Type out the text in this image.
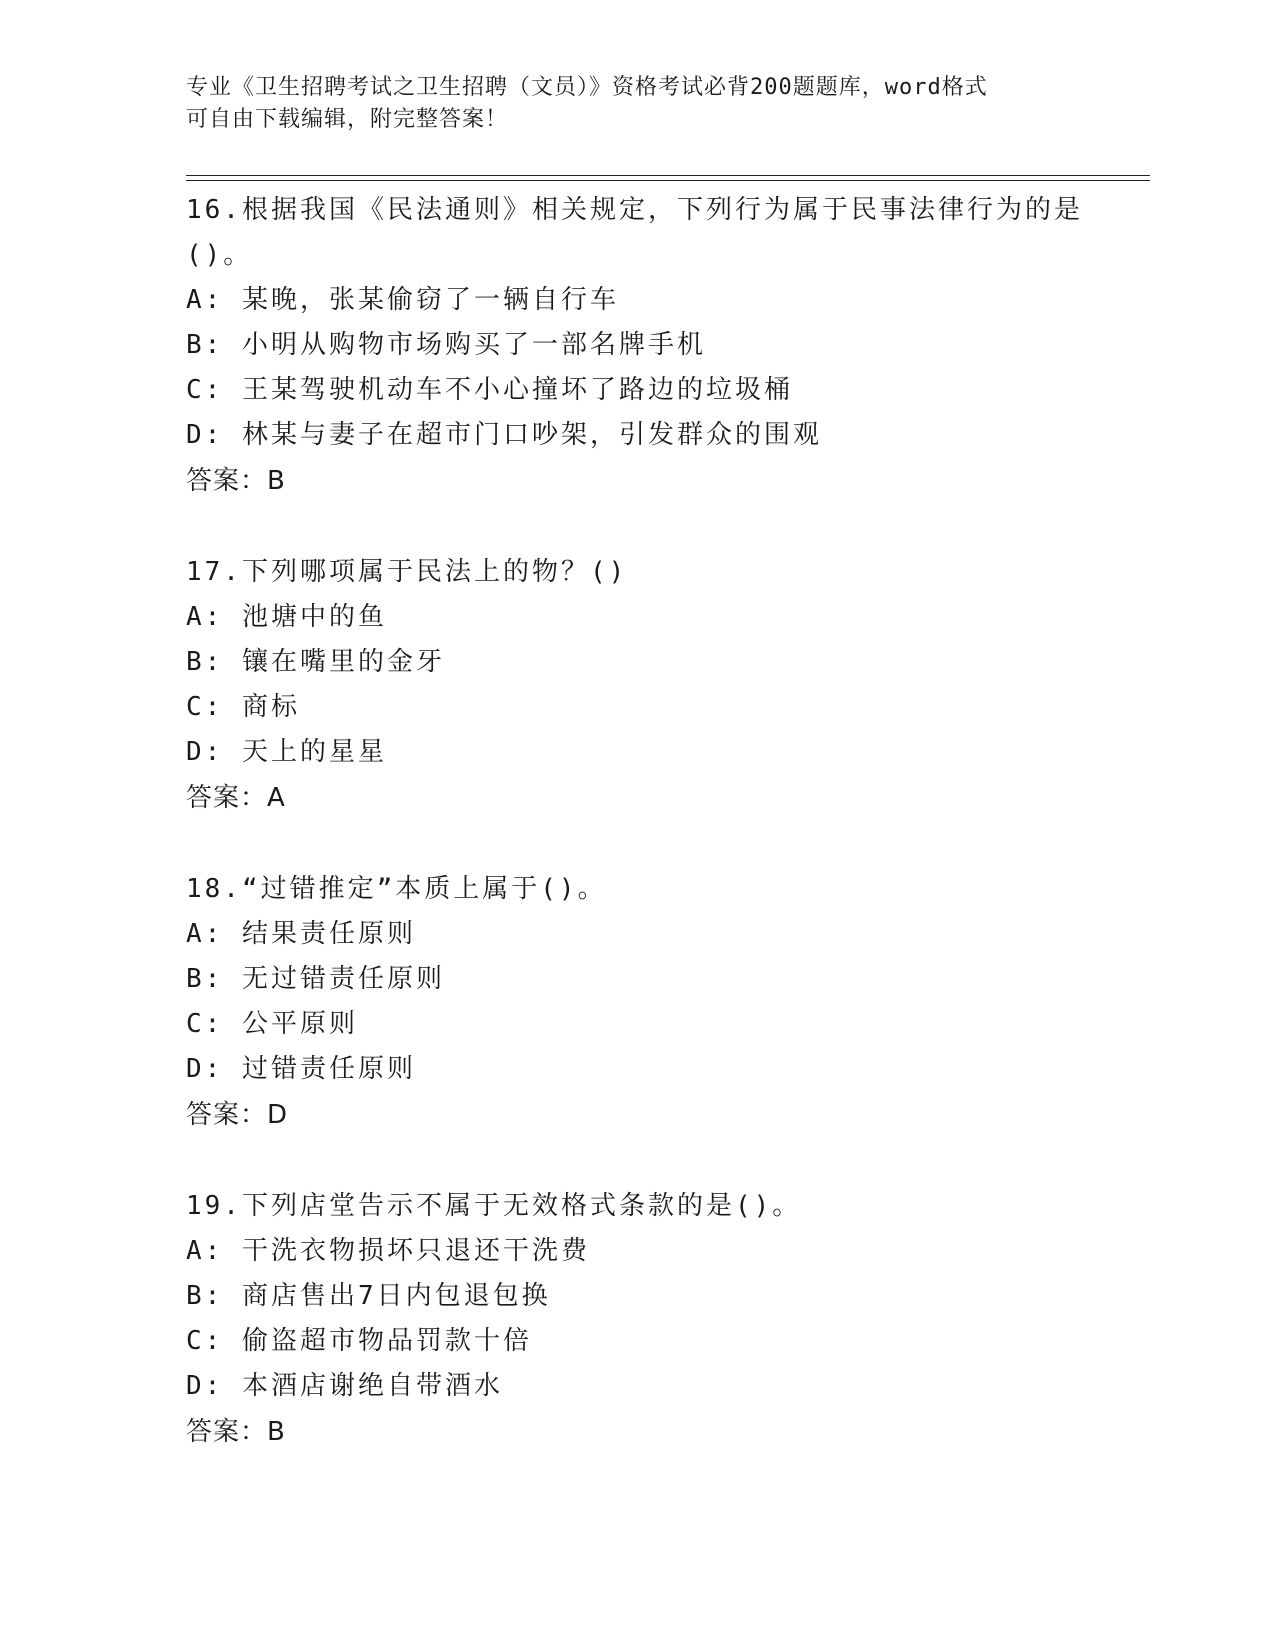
专业《卫生招聘考试之卫生招聘（文员）》资格考试必背200题题库，word格式
可自由下载编辑，附完整答案！
16.根据我国《民法通则》相关规定，下列行为属于民事法律行为的是
()。
A: 某晚，张某偷窃了一辆自行车
B: 小明从购物市场购买了一部名牌手机
C: 王某驾驶机动车不小心撞坏了路边的垃圾桶
D: 林某与妻子在超市门口吵架，引发群众的围观
答案：B
17.下列哪项属于民法上的物？()
A: 池塘中的鱼
B: 镶在嘴里的金牙
C: 商标
D: 天上的星星
答案：A
18.“过错推定”本质上属于()。
A: 结果责任原则
B: 无过错责任原则
C: 公平原则
D: 过错责任原则
答案：D
19.下列店堂告示不属于无效格式条款的是()。
A: 干洗衣物损坏只退还干洗费
B: 商店售出7日内包退包换
C: 偷盗超市物品罚款十倍
D: 本酒店谢绝自带酒水
答案：B
